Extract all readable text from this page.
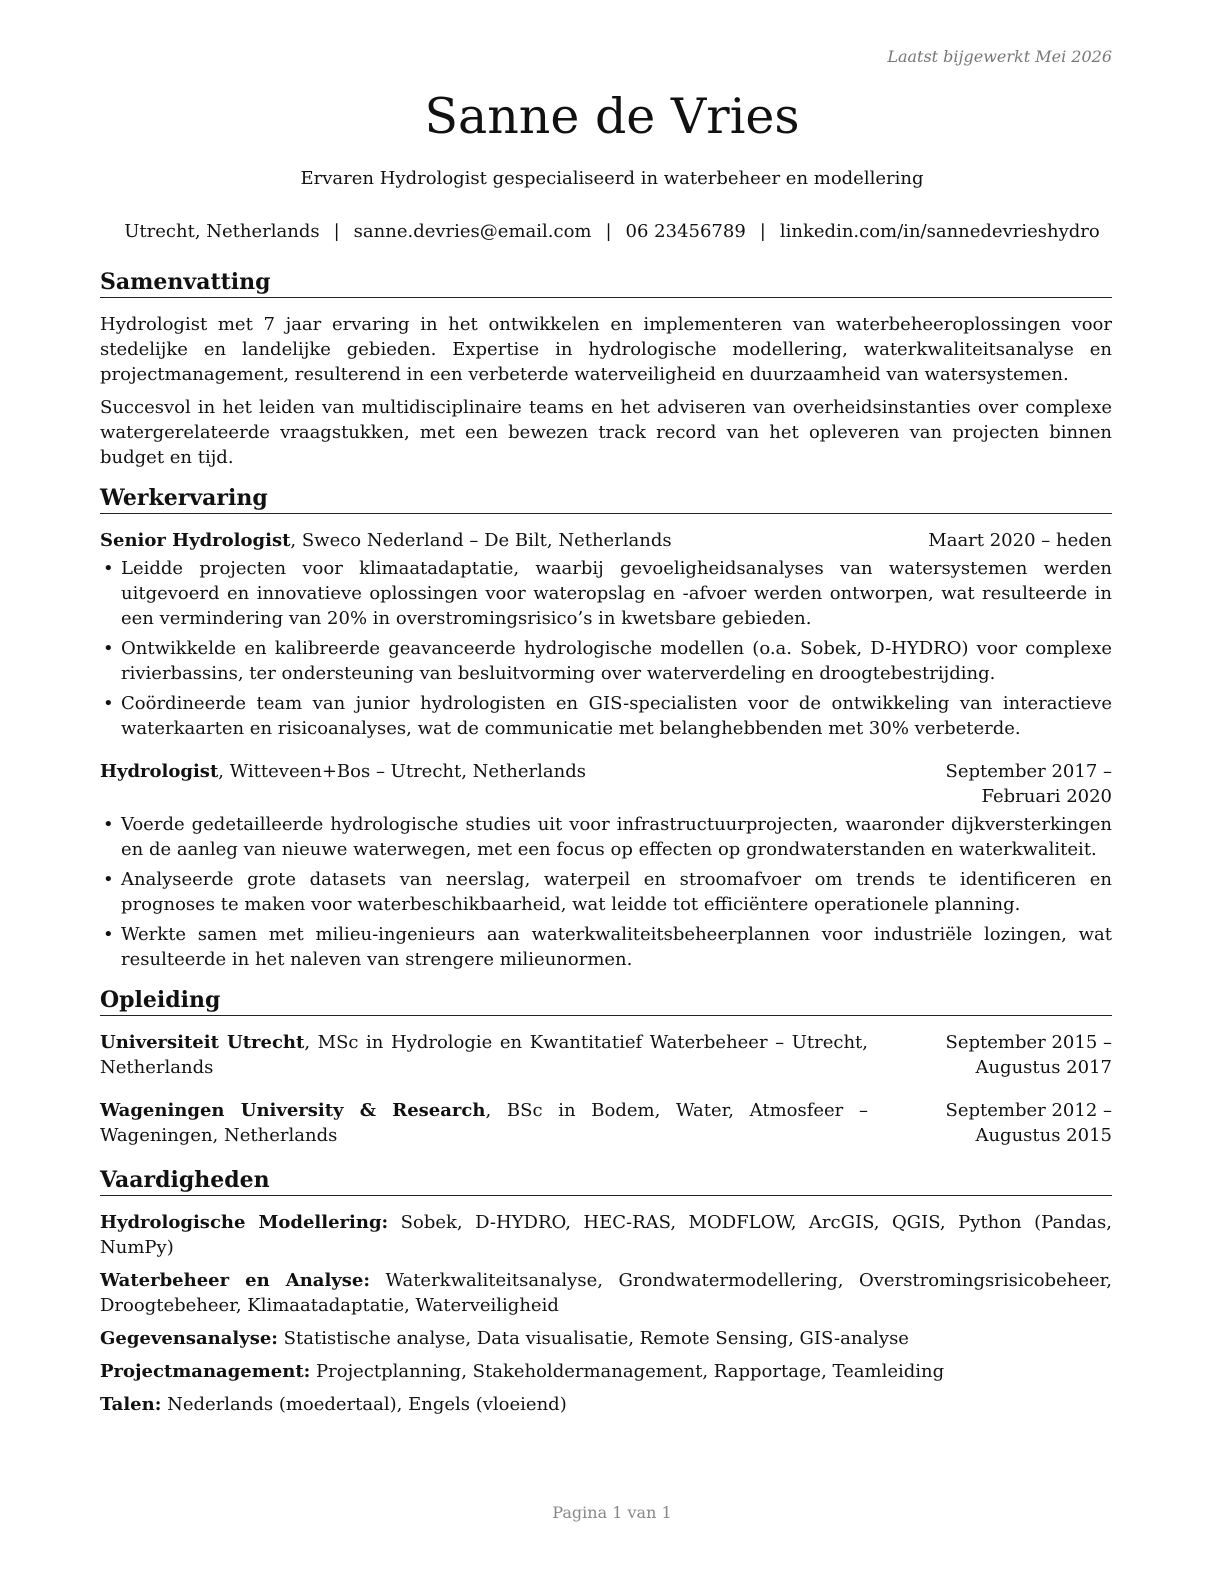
Laatst bijgewerkt Mei 2026
Sanne de Vries
Ervaren Hydrologist gespecialiseerd in waterbeheer en modellering
Utrecht, Netherlands | sanne.devries@email.com | 06 23456789 | linkedin.com/in/sannedevrieshydro
Samenvatting

Hydrologist met 7 jaar ervaring in het ontwikkelen en implementeren van waterbeheeroplossingen voor stedelijke en landelijke gebieden. Expertise in hydrologische modellering, waterkwaliteitsanalyse en projectmanagement, resulterend in een verbeterde waterveiligheid en duurzaamheid van watersystemen.

Succesvol in het leiden van multidisciplinaire teams en het adviseren van overheidsinstanties over complexe watergerelateerde vraagstukken, met een bewezen track record van het opleveren van projecten binnen budget en tijd.

Werkervaring
Senior Hydrologist, Sweco Nederland – De Bilt, Netherlands	Maart 2020 – heden
• Leidde projecten voor klimaatadaptatie, waarbij gevoeligheidsanalyses van watersystemen werden uitgevoerd en innovatieve oplossingen voor wateropslag en -afvoer werden ontworpen, wat resulteerde in een vermindering van 20% in overstromingsrisico’s in kwetsbare gebieden.
• Ontwikkelde en kalibreerde geavanceerde hydrologische modellen (o.a. Sobek, D-HYDRO) voor complexe rivierbassins, ter ondersteuning van besluitvorming over waterverdeling en droogtebestrijding.
• Coördineerde team van junior hydrologisten en GIS-specialisten voor de ontwikkeling van interactieve waterkaarten en risicoanalyses, wat de communicatie met belanghebbenden met 30% verbeterde.
Hydrologist, Witteveen+Bos – Utrecht, Netherlands	September 2017 – Februari 2020
• Voerde gedetailleerde hydrologische studies uit voor infrastructuurprojecten, waaronder dijkversterkingen en de aanleg van nieuwe waterwegen, met een focus op effecten op grondwaterstanden en waterkwaliteit.
• Analyseerde grote datasets van neerslag, waterpeil en stroomafvoer om trends te identificeren en prognoses te maken voor waterbeschikbaarheid, wat leidde tot efficiëntere operationele planning.
• Werkte samen met milieu-ingenieurs aan waterkwaliteitsbeheerplannen voor industriële lozingen, wat resulteerde in het naleven van strengere milieunormen.
Opleiding
Universiteit Utrecht, MSc in Hydrologie en Kwantitatief Waterbeheer – Utrecht, Netherlands
September 2015 – Augustus 2017
Wageningen University & Research, BSc in Bodem, Water, Atmosfeer – Wageningen, Netherlands
September 2012 – Augustus 2015
Vaardigheden
Hydrologische Modellering: Sobek, D-HYDRO, HEC-RAS, MODFLOW, ArcGIS, QGIS, Python (Pandas, NumPy)
Waterbeheer en Analyse: Waterkwaliteitsanalyse, Grondwatermodellering, Overstromingsrisicobeheer, Droogtebeheer, Klimaatadaptatie, Waterveiligheid
Gegevensanalyse: Statistische analyse, Data visualisatie, Remote Sensing, GIS-analyse
Projectmanagement: Projectplanning, Stakeholdermanagement, Rapportage, Teamleiding
Talen: Nederlands (moedertaal), Engels (vloeiend)
Pagina 1 van 1
